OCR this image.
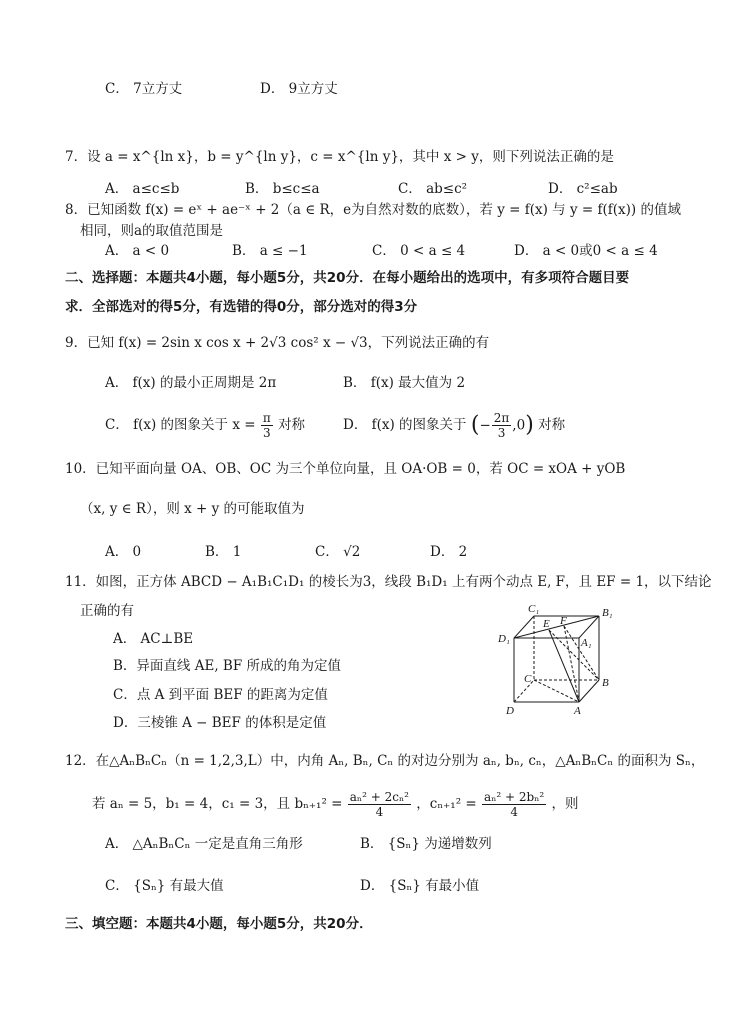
C． 7立方丈	D． 9立方丈
7．设 a = x^{ln x}，b = y^{ln y}，c = x^{ln y}，其中 x > y，则下列说法正确的是
A． a≤c≤b	B． b≤c≤a	C． ab≤c²	D． c²≤ab
8．已知函数 f(x) = eˣ + ae⁻ˣ + 2（a ∈ R，e为自然对数的底数），若 y = f(x) 与 y = f(f(x)) 的值域
相同，则a的取值范围是
A． a < 0	B． a ≤ −1	C． 0 < a ≤ 4	D． a < 0或0 < a ≤ 4
二、选择题：本题共4小题，每小题5分，共20分．在每小题给出的选项中，有多项符合题目要
求．全部选对的得5分，有选错的得0分，部分选对的得3分
9．已知 f(x) = 2sin x cos x + 2√3 cos² x − √3，下列说法正确的有
A． f(x) 的最小正周期是 2π	B． f(x) 最大值为 2
C． f(x) 的图象关于 $x = \frac{\pi}{3}$ 对称	D． f(x) 的图象关于 (− $\frac{2\pi}{3} ,0$) 对称
10．已知平面向量 OA、OB、OC 为三个单位向量，且 OA·OB = 0，若 OC = xOA + yOB
（x, y ∈ R），则 x + y 的可能取值为
A． 0	B． 1	C． √2	D． 2
11．如图，正方体 ABCD − A₁B₁C₁D₁ 的棱长为3，线段 B₁D₁ 上有两个动点 E, F，且 EF = 1，以下结论
正确的有
A． AC⊥BE
B．异面直线 AE, BF 所成的角为定值
C．点 A 到平面 BEF 的距离为定值
D．三棱锥 A − BEF 的体积是定值
C₁	B₁
D₁	A₁
E F
C	B
D	A
12．在△AₙBₙCₙ（n = 1,2,3,L）中，内角 Aₙ, Bₙ, Cₙ 的对边分别为 aₙ, bₙ, cₙ，△AₙBₙCₙ 的面积为 Sₙ，
若 aₙ = 5，b₁ = 4，c₁ = 3，且 $b_{n+1}^2 = \frac{\text{aₙ² + 2cₙ²}}{4}$ ，$c_{n+1}^2 = \frac{\text{aₙ² + 2bₙ²}}{4}$ ，则
A． △AₙBₙCₙ 一定是直角三角形	B． {Sₙ} 为递增数列
C． {Sₙ} 有最大值	D． {Sₙ} 有最小值
三、填空题：本题共4小题，每小题5分，共20分．
